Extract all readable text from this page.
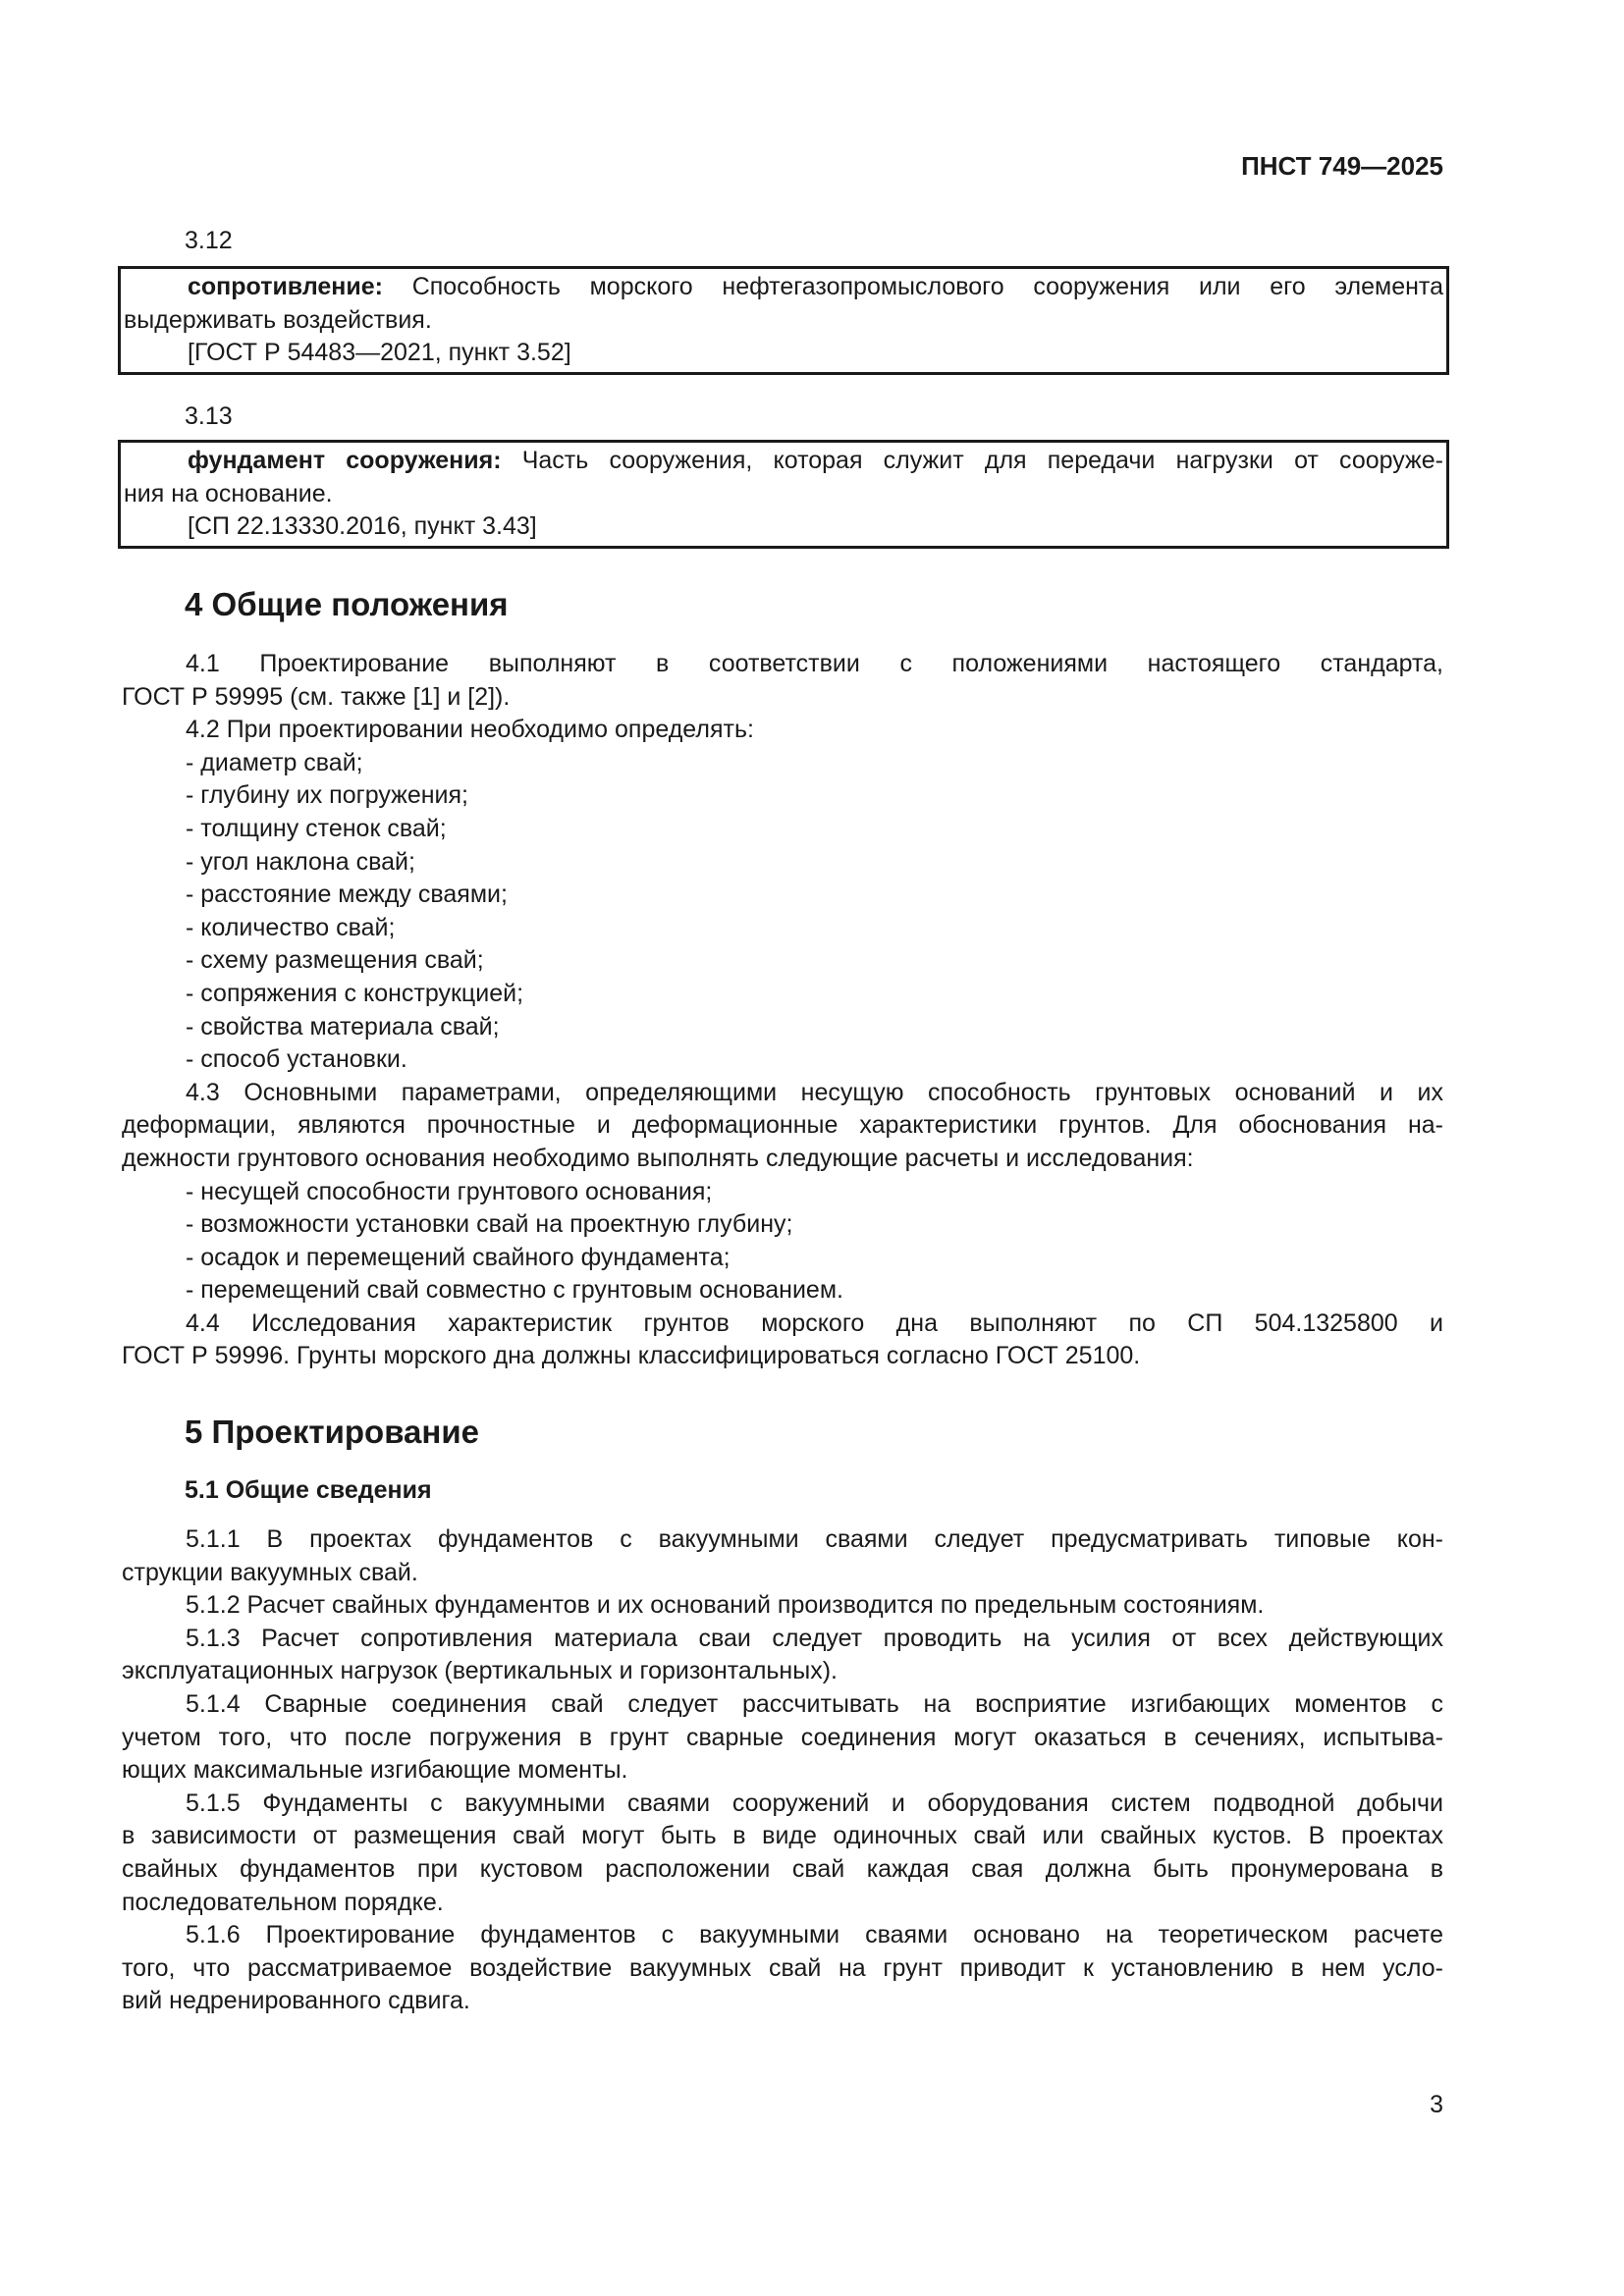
ПНСТ 749—2025
3.12
сопротивление: Способность морского нефтегазопромыслового сооружения или его элемента
выдерживать воздействия.
[ГОСТ Р 54483—2021, пункт 3.52]
3.13
фундамент сооружения: Часть сооружения, которая служит для передачи нагрузки от сооруже-
ния на основание.
[СП 22.13330.2016, пункт 3.43]
4 Общие положения
4.1 Проектирование выполняют в соответствии с положениями настоящего стандарта,
ГОСТ Р 59995 (см. также [1] и [2]).
4.2 При проектировании необходимо определять:
- диаметр свай;
- глубину их погружения;
- толщину стенок свай;
- угол наклона свай;
- расстояние между сваями;
- количество свай;
- схему размещения свай;
- сопряжения с конструкцией;
- свойства материала свай;
- способ установки.
4.3 Основными параметрами, определяющими несущую способность грунтовых оснований и их
деформации, являются прочностные и деформационные характеристики грунтов. Для обоснования на-
дежности грунтового основания необходимо выполнять следующие расчеты и исследования:
- несущей способности грунтового основания;
- возможности установки свай на проектную глубину;
- осадок и перемещений свайного фундамента;
- перемещений свай совместно с грунтовым основанием.
4.4 Исследования характеристик грунтов морского дна выполняют по СП 504.1325800 и
ГОСТ Р 59996. Грунты морского дна должны классифицироваться согласно ГОСТ 25100.
5 Проектирование
5.1 Общие сведения
5.1.1 В проектах фундаментов с вакуумными сваями следует предусматривать типовые кон-
струкции вакуумных свай.
5.1.2 Расчет свайных фундаментов и их оснований производится по предельным состояниям.
5.1.3 Расчет сопротивления материала сваи следует проводить на усилия от всех действующих
эксплуатационных нагрузок (вертикальных и горизонтальных).
5.1.4 Сварные соединения свай следует рассчитывать на восприятие изгибающих моментов с
учетом того, что после погружения в грунт сварные соединения могут оказаться в сечениях, испытыва-
ющих максимальные изгибающие моменты.
5.1.5 Фундаменты с вакуумными сваями сооружений и оборудования систем подводной добычи
в зависимости от размещения свай могут быть в виде одиночных свай или свайных кустов. В проектах
свайных фундаментов при кустовом расположении свай каждая свая должна быть пронумерована в
последовательном порядке.
5.1.6 Проектирование фундаментов с вакуумными сваями основано на теоретическом расчете
того, что рассматриваемое воздействие вакуумных свай на грунт приводит к установлению в нем усло-
вий недренированного сдвига.
3
